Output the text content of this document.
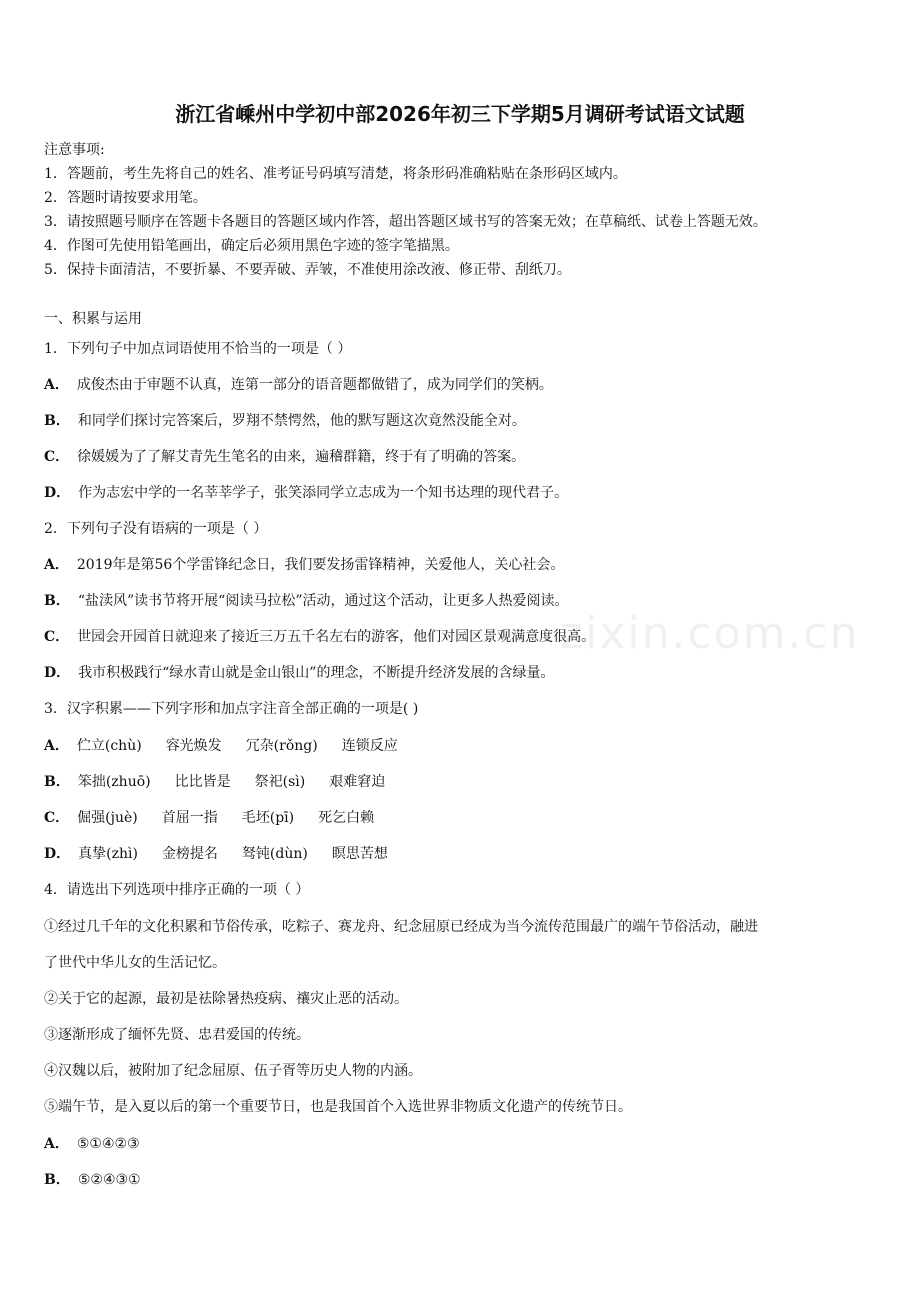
浙江省嵊州中学初中部2026年初三下学期5月调研考试语文试题
注意事项:
1．答题前，考生先将自己的姓名、准考证号码填写清楚，将条形码准确粘贴在条形码区域内。
2．答题时请按要求用笔。
3．请按照题号顺序在答题卡各题目的答题区域内作答，超出答题区域书写的答案无效；在草稿纸、试卷上答题无效。
4．作图可先使用铅笔画出，确定后必须用黑色字迹的签字笔描黑。
5．保持卡面清洁，不要折暴、不要弄破、弄皱，不准使用涂改液、修正带、刮纸刀。
一、积累与运用
1．下列句子中加点词语使用不恰当的一项是（ ）
A． 成俊杰由于审题不认真，连第一部分的语音题都做错了，成为同学们的笑柄。
B． 和同学们探讨完答案后，罗翔不禁愕然，他的默写题这次竟然没能全对。
C． 徐媛媛为了了解艾青先生笔名的由来，遍稽群籍，终于有了明确的答案。
D． 作为志宏中学的一名莘莘学子，张笑添同学立志成为一个知书达理的现代君子。
2．下列句子没有语病的一项是（ ）
A． 2019年是第56个学雷锋纪念日，我们要发扬雷锋精神，关爱他人，关心社会。
B． “盐渎风”读书节将开展“阅读马拉松”活动，通过这个活动，让更多人热爱阅读。
C． 世园会开园首日就迎来了接近三万五千名左右的游客，他们对园区景观满意度很高。
D． 我市积极践行“绿水青山就是金山银山”的理念，不断提升经济发展的含绿量。
3．汉字积累——下列字形和加点字注音全部正确的一项是( )
A． 伫立(chù) 容光焕发 冗杂(rǒng) 连锁反应
B． 笨拙(zhuō) 比比皆是 祭祀(sì) 艰难窘迫
C． 倔强(juè) 首屈一指 毛坯(pī) 死乞白赖
D． 真挚(zhì) 金榜提名 驽钝(dùn) 瞑思苦想
4．请选出下列选项中排序正确的一项（ ）
①经过几千年的文化积累和节俗传承，吃粽子、赛龙舟、纪念屈原已经成为当今流传范围最广的端午节俗活动，融进
了世代中华儿女的生活记忆。
②关于它的起源，最初是祛除暑热疫病、禳灾止恶的活动。
③逐渐形成了缅怀先贤、忠君爱国的传统。
④汉魏以后，被附加了纪念屈原、伍子胥等历史人物的内涵。
⑤端午节，是入夏以后的第一个重要节日，也是我国首个入选世界非物质文化遗产的传统节日。
A． ⑤①④②③
B． ⑤②④③①
zixin.com.cn
